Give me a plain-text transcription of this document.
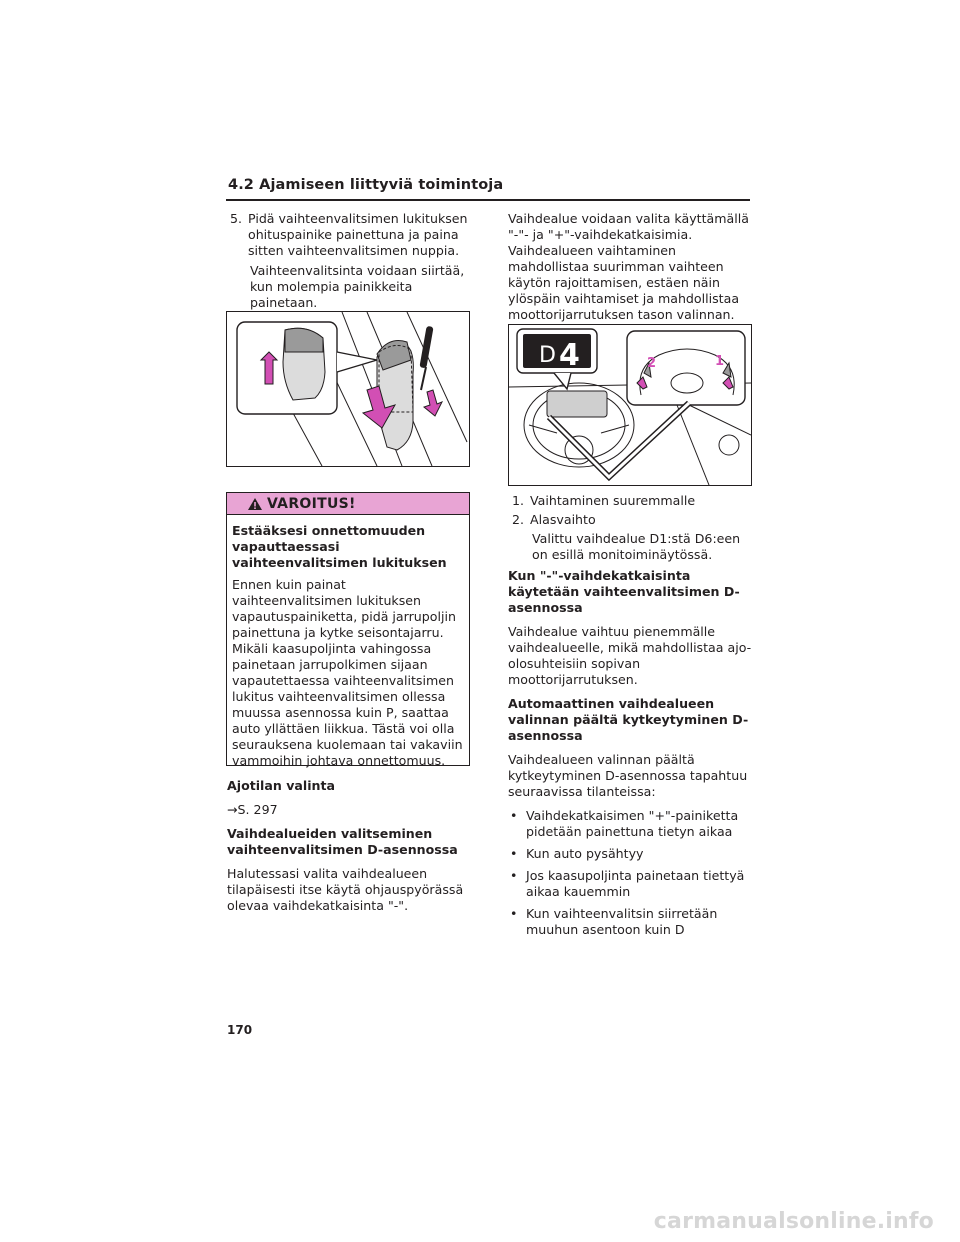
4.2 Ajamiseen liittyviä toimintoja
5. Pidä vaihteenvalitsimen lukituksen ohituspainike painettuna ja paina sitten vaihteenvalitsimen nuppia.

Vaihteenvalitsinta voidaan siirtää, kun molempia painikkeita painetaan.

VAROITUS!

Estääksesi onnettomuuden vapauttaessasi vaihteenvalitsimen lukituksen

Ennen kuin painat vaihteenvalitsimen lukituksen vapautuspainiketta, pidä jarrupoljin painettuna ja kytke seisontajarru. Mikäli kaasupoljinta vahingossa painetaan jarrupolkimen sijaan vapautettaessa vaihteenvalitsimen lukitus vaihteenvalitsimen ollessa muussa asennossa kuin P, saattaa auto yllättäen liikkua. Tästä voi olla seurauksena kuolemaan tai vakaviin vammoihin johtava onnettomuus.

Ajotilan valinta

→S. 297

Vaihdealueiden valitseminen vaihteenvalitsimen D-asennossa

Halutessasi valita vaihdealueen tilapäisesti itse käytä ohjauspyörässä olevaa vaihdekatkaisinta "-".

Vaihdealue voidaan valita käyttämällä "-"- ja "+"-vaihdekatkaisimia. Vaihdealueen vaihtaminen mahdollistaa suurimman vaihteen käytön rajoittamisen, estäen näin ylöspäin vaihtamiset ja mahdollistaa moottorijarrutuksen tason valinnan.

D 4	2	1
1. Vaihtaminen suuremmalle
2. Alasvaihto

Valittu vaihdealue D1:stä D6:een on esillä monitoiminäytössä.

Kun "-"-vaihdekatkaisinta käytetään vaihteenvalitsimen D-asennossa

Vaihdealue vaihtuu pienemmälle vaihdealueelle, mikä mahdollistaa ajo-olosuhteisiin sopivan moottorijarrutuksen.

Automaattinen vaihdealueen valinnan päältä kytkeytyminen D-asennossa

Vaihdealueen valinnan päältä kytkeytyminen D-asennossa tapahtuu seuraavissa tilanteissa:

• Vaihdekatkaisimen "+"-painiketta pidetään painettuna tietyn aikaa
• Kun auto pysähtyy
• Jos kaasupoljinta painetaan tiettyä aikaa kauemmin
• Kun vaihteenvalitsin siirretään muuhun asentoon kuin D
170
carmanualsonline.info
